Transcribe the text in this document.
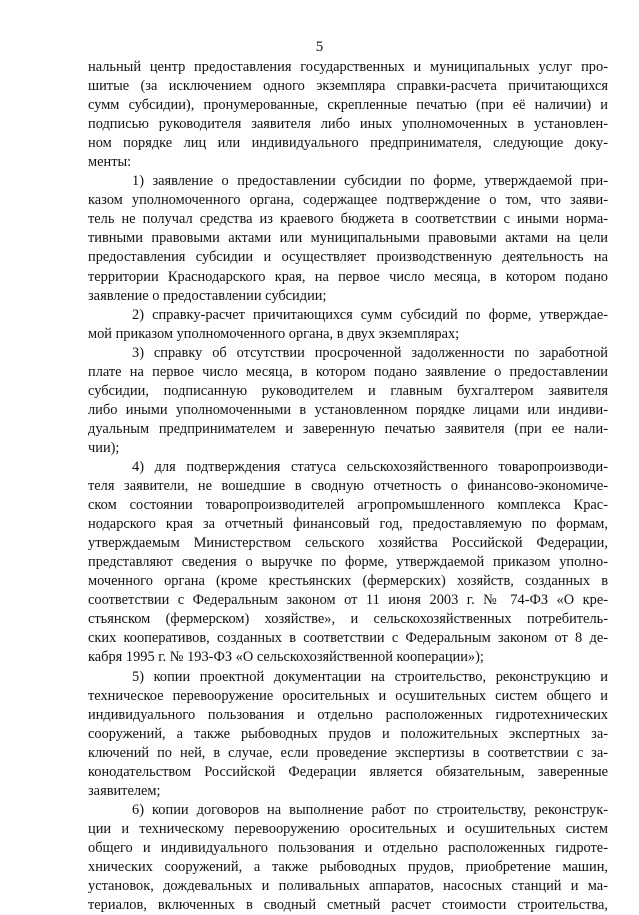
5
нальный центр предоставления государственных и муниципальных услуг про-
шитые (за исключением одного экземпляра справки-расчета причитающихся
сумм субсидии), пронумерованные, скрепленные печатью (при её наличии) и
подписью руководителя заявителя либо иных уполномоченных в установлен-
ном порядке лиц или индивидуального предпринимателя, следующие доку-
менты:
1) заявление о предоставлении субсидии по форме, утверждаемой при-
казом уполномоченного органа, содержащее подтверждение о том, что заяви-
тель не получал средства из краевого бюджета в соответствии с иными норма-
тивными правовыми актами или муниципальными правовыми актами на цели
предоставления субсидии и осуществляет производственную деятельность на
территории Краснодарского края, на первое число месяца, в котором подано
заявление о предоставлении субсидии;
2) справку-расчет причитающихся сумм субсидий по форме, утверждае-
мой приказом уполномоченного органа, в двух экземплярах;
3) справку об отсутствии просроченной задолженности по заработной
плате на первое число месяца, в котором подано заявление о предоставлении
субсидии, подписанную руководителем и главным бухгалтером заявителя
либо иными уполномоченными в установленном порядке лицами или индиви-
дуальным предпринимателем и заверенную печатью заявителя (при ее нали-
чии);
4) для подтверждения статуса сельскохозяйственного товаропроизводи-
теля заявители, не вошедшие в сводную отчетность о финансово-экономиче-
ском состоянии товаропроизводителей агропромышленного комплекса Крас-
нодарского края за отчетный финансовый год, предоставляемую по формам,
утверждаемым Министерством сельского хозяйства Российской Федерации,
представляют сведения о выручке по форме, утверждаемой приказом уполно-
моченного органа (кроме крестьянских (фермерских) хозяйств, созданных в
соответствии с Федеральным законом от 11 июня 2003 г. № 74-ФЗ «О кре-
стьянском (фермерском) хозяйстве», и сельскохозяйственных потребитель-
ских кооперативов, созданных в соответствии с Федеральным законом от 8 де-
кабря 1995 г. № 193-ФЗ «О сельскохозяйственной кооперации»);
5) копии проектной документации на строительство, реконструкцию и
техническое перевооружение оросительных и осушительных систем общего и
индивидуального пользования и отдельно расположенных гидротехнических
сооружений, а также рыбоводных прудов и положительных экспертных за-
ключений по ней, в случае, если проведение экспертизы в соответствии с за-
конодательством Российской Федерации является обязательным, заверенные
заявителем;
6) копии договоров на выполнение работ по строительству, реконструк-
ции и техническому перевооружению оросительных и осушительных систем
общего и индивидуального пользования и отдельно расположенных гидроте-
хнических сооружений, а также рыбоводных прудов, приобретение машин,
установок, дождевальных и поливальных аппаратов, насосных станций и ма-
териалов, включенных в сводный сметный расчет стоимости строительства,
